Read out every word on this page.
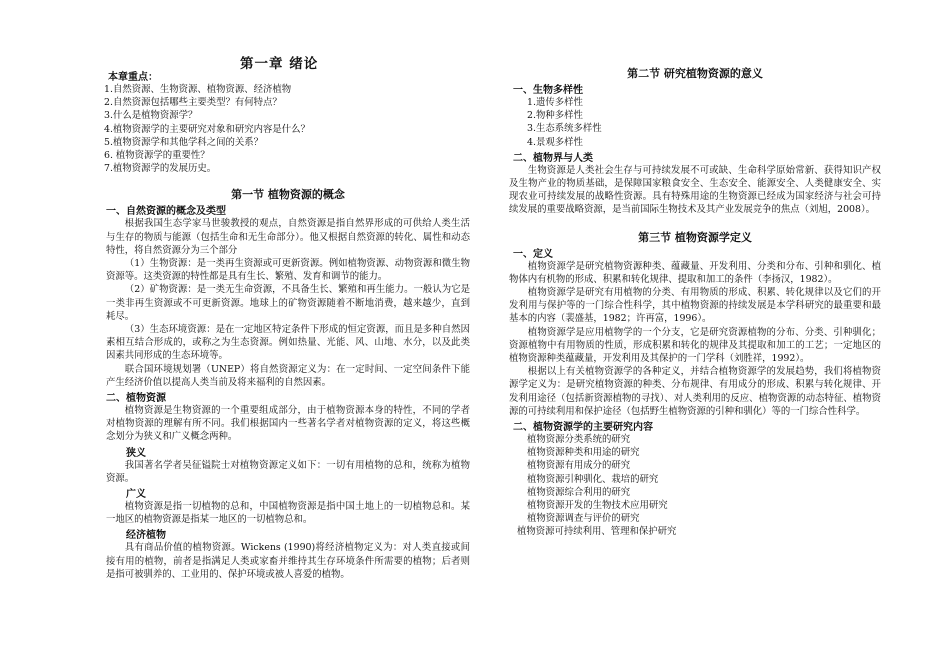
第一章 绪论
本章重点：
1.自然资源、生物资源、植物资源、经济植物
2.自然资源包括哪些主要类型？有何特点？
3.什么是植物资源学？
4.植物资源学的主要研究对象和研究内容是什么？
5.植物资源学和其他学科之间的关系？
6. 植物资源学的重要性？
7.植物资源学的发展历史。
第一节 植物资源的概念
一、自然资源的概念及类型

根据我国生态学家马世骏教授的观点，自然资源是指自然界形成的可供给人类生活与生存的物质与能源（包括生命和无生命部分）。他又根据自然资源的转化、属性和动态特性，将自然资源分为三个部分

（1）生物资源：是一类再生资源或可更新资源。例如植物资源、动物资源和微生物资源等。这类资源的特性都是具有生长、繁殖、发育和调节的能力。

（2）矿物资源：是一类无生命资源，不具备生长、繁殖和再生能力。一般认为它是一类非再生资源或不可更新资源。地球上的矿物资源随着不断地消费，越来越少，直到耗尽。

（3）生态环境资源：是在一定地区特定条件下形成的恒定资源，而且是多种自然因素相互结合形成的，或称之为生态资源。例如热量、光能、风、山地、水分，以及此类因素共同形成的生态环境等。

联合国环境规划署（UNEP）将自然资源定义为：在一定时间、一定空间条件下能产生经济价值以提高人类当前及将来福利的自然因素。

二、植物资源

植物资源是生物资源的一个重要组成部分，由于植物资源本身的特性，不同的学者对植物资源的理解有所不同。我们根据国内一些著名学者对植物资源的定义，将这些概念划分为狭义和广义概念两种。

狭义

我国著名学者吴征镒院士对植物资源定义如下：一切有用植物的总和，统称为植物资源。

广义

植物资源是指一切植物的总和，中国植物资源是指中国土地上的一切植物总和。某一地区的植物资源是指某一地区的一切植物总和。

经济植物

具有商品价值的植物资源。Wickens (1990)将经济植物定义为：对人类直接或间接有用的植物，前者是指满足人类或家畜并维持其生存环境条件所需要的植物；后者则是指可被驯养的、工业用的、保护环境或被人喜爱的植物。

第二节 研究植物资源的意义
一、生物多样性
1.遗传多样性
2.物种多样性
3.生态系统多样性
4.景观多样性
二、植物界与人类

生物资源是人类社会生存与可持续发展不可或缺、生命科学原始常新、获得知识产权及生物产业的物质基础，是保障国家粮食安全、生态安全、能源安全、人类健康安全、实现农业可持续发展的战略性资源。具有特殊用途的生物资源已经成为国家经济与社会可持续发展的重要战略资源，是当前国际生物技术及其产业发展竞争的焦点（刘旭，2008）。

第三节 植物资源学定义
一、定义

植物资源学是研究植物资源种类、蕴藏量、开发利用、分类和分布、引种和驯化、植物体内有机物的形成、积累和转化规律、提取和加工的条件（李扬汉，1982）。

植物资源学是研究有用植物的分类、有用物质的形成、积累、转化规律以及它们的开发利用与保护等的一门综合性科学，其中植物资源的持续发展是本学科研究的最重要和最基本的内容（裴盛基，1982；许再富，1996）。

植物资源学是应用植物学的一个分支，它是研究资源植物的分布、分类、引种驯化；资源植物中有用物质的性质，形成积累和转化的规律及其提取和加工的工艺；一定地区的植物资源种类蕴藏量，开发利用及其保护的一门学科（刘胜祥，1992）。

根据以上有关植物资源学的各种定义，并结合植物资源学的发展趋势，我们将植物资源学定义为：是研究植物资源的种类、分布规律、有用成分的形成、积累与转化规律、开发利用途径（包括新资源植物的寻找）、对人类利用的反应、植物资源的动态特征、植物资源的可持续利用和保护途径（包括野生植物资源的引种和驯化）等的一门综合性科学。

二、植物资源学的主要研究内容
植物资源分类系统的研究
植物资源种类和用途的研究
植物资源有用成分的研究
植物资源引种驯化、栽培的研究
植物资源综合利用的研究
植物资源开发的生物技术应用研究
植物资源调查与评价的研究
植物资源可持续利用、管理和保护研究
